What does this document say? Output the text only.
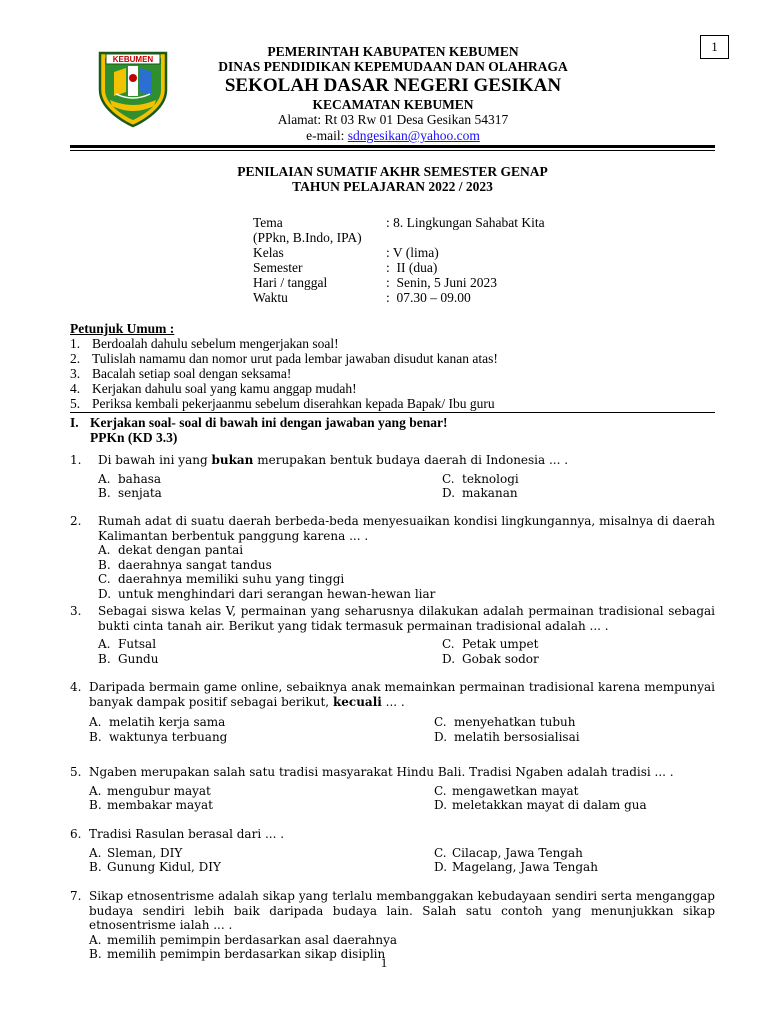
1
KEBUMEN
PEMERINTAH KABUPATEN KEBUMEN
DINAS PENDIDIKAN KEPEMUDAAN DAN OLAHRAGA
SEKOLAH DASAR NEGERI GESIKAN
KECAMATAN KEBUMEN
Alamat: Rt 03 Rw 01 Desa Gesikan 54317
e-mail: sdngesikan@yahoo.com
PENILAIAN SUMATIF AKHR SEMESTER GENAP
TAHUN PELAJARAN 2022 / 2023
Tema	: 8. Lingkungan Sahabat Kita
(PPkn, B.Indo, IPA)
Kelas	: V (lima)
Semester	:  II (dua)
Hari / tanggal	:  Senin, 5 Juni 2023
Waktu	:  07.30 – 09.00
Petunjuk Umum :
1. Berdoalah dahulu sebelum mengerjakan soal!
2. Tulislah namamu dan nomor urut pada lembar jawaban disudut kanan atas!
3. Bacalah setiap soal dengan seksama!
4. Kerjakan dahulu soal yang kamu anggap mudah!
5. Periksa kembali pekerjaanmu sebelum diserahkan kepada Bapak/ Ibu guru
I. Kerjakan soal- soal di bawah ini dengan jawaban yang benar!
PPKn (KD 3.3)
1.	Di bawah ini yang bukan merupakan bentuk budaya daerah di Indonesia ... .
A. bahasa	C. teknologi
B. senjata	D. makanan
2.	Rumah adat di suatu daerah berbeda-beda menyesuaikan kondisi lingkungannya, misalnya di daerah Kalimantan berbentuk panggung karena ... .
A. dekat dengan pantai
B. daerahnya sangat tandus
C. daerahnya memiliki suhu yang tinggi
D. untuk menghindari dari serangan hewan-hewan liar
3.	Sebagai siswa kelas V, permainan yang seharusnya dilakukan adalah permainan tradisional sebagai bukti cinta tanah air. Berikut yang tidak termasuk permainan tradisional adalah ... .
A. Futsal	C. Petak umpet
B. Gundu	D. Gobak sodor
4. Daripada bermain game online, sebaiknya anak memainkan permainan tradisional karena mempunyai banyak dampak positif sebagai berikut, kecuali ... .
A. melatih kerja sama	C. menyehatkan tubuh
B. waktunya terbuang	D. melatih bersosialisai
5. Ngaben merupakan salah satu tradisi masyarakat Hindu Bali. Tradisi Ngaben adalah tradisi ... .
A. mengubur mayat	C. mengawetkan mayat
B. membakar mayat	D. meletakkan mayat di dalam gua
6. Tradisi Rasulan berasal dari ... .
A. Sleman, DIY	C. Cilacap, Jawa Tengah
B. Gunung Kidul, DIY	D. Magelang, Jawa Tengah
7. Sikap etnosentrisme adalah sikap yang terlalu membanggakan kebudayaan sendiri serta menganggap budaya sendiri lebih baik daripada budaya lain. Salah satu contoh yang menunjukkan sikap etnosentrisme ialah ... .
A. memilih pemimpin berdasarkan asal daerahnya
B. memilih pemimpin berdasarkan sikap disiplin
1
